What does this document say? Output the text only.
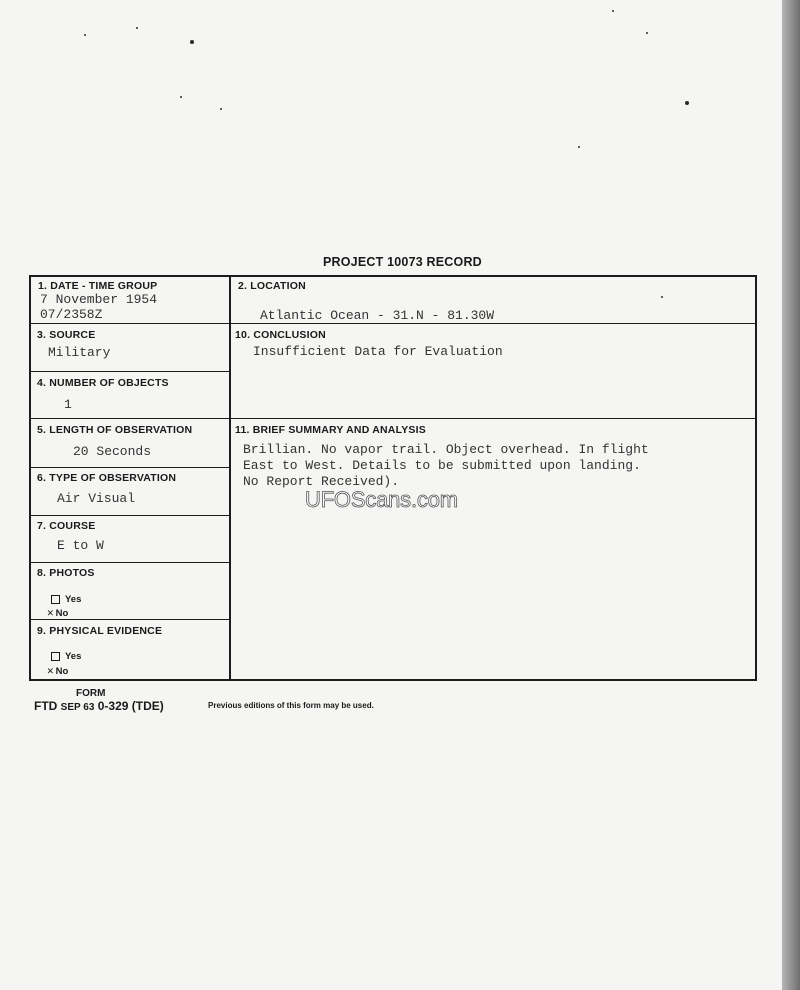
PROJECT 10073 RECORD
1. DATE - TIME GROUP
7 November 1954
07/2358Z
2. LOCATION
Atlantic Ocean - 31.N - 81.30W
3. SOURCE
Military
10. CONCLUSION
Insufficient Data for Evaluation
4. NUMBER OF OBJECTS
1
5. LENGTH OF OBSERVATION
20 Seconds
11. BRIEF SUMMARY AND ANALYSIS
Brillian. No vapor trail. Object overhead. In flight
East to West. Details to be submitted upon landing.
No Report Received).
6. TYPE OF OBSERVATION
Air Visual
7. COURSE
E to W
8. PHOTOS
Yes
✕ No
9. PHYSICAL EVIDENCE
Yes
✕ No
UFOScans.com
FORM
FTD SEP 63 0-329 (TDE)	Previous editions of this form may be used.
